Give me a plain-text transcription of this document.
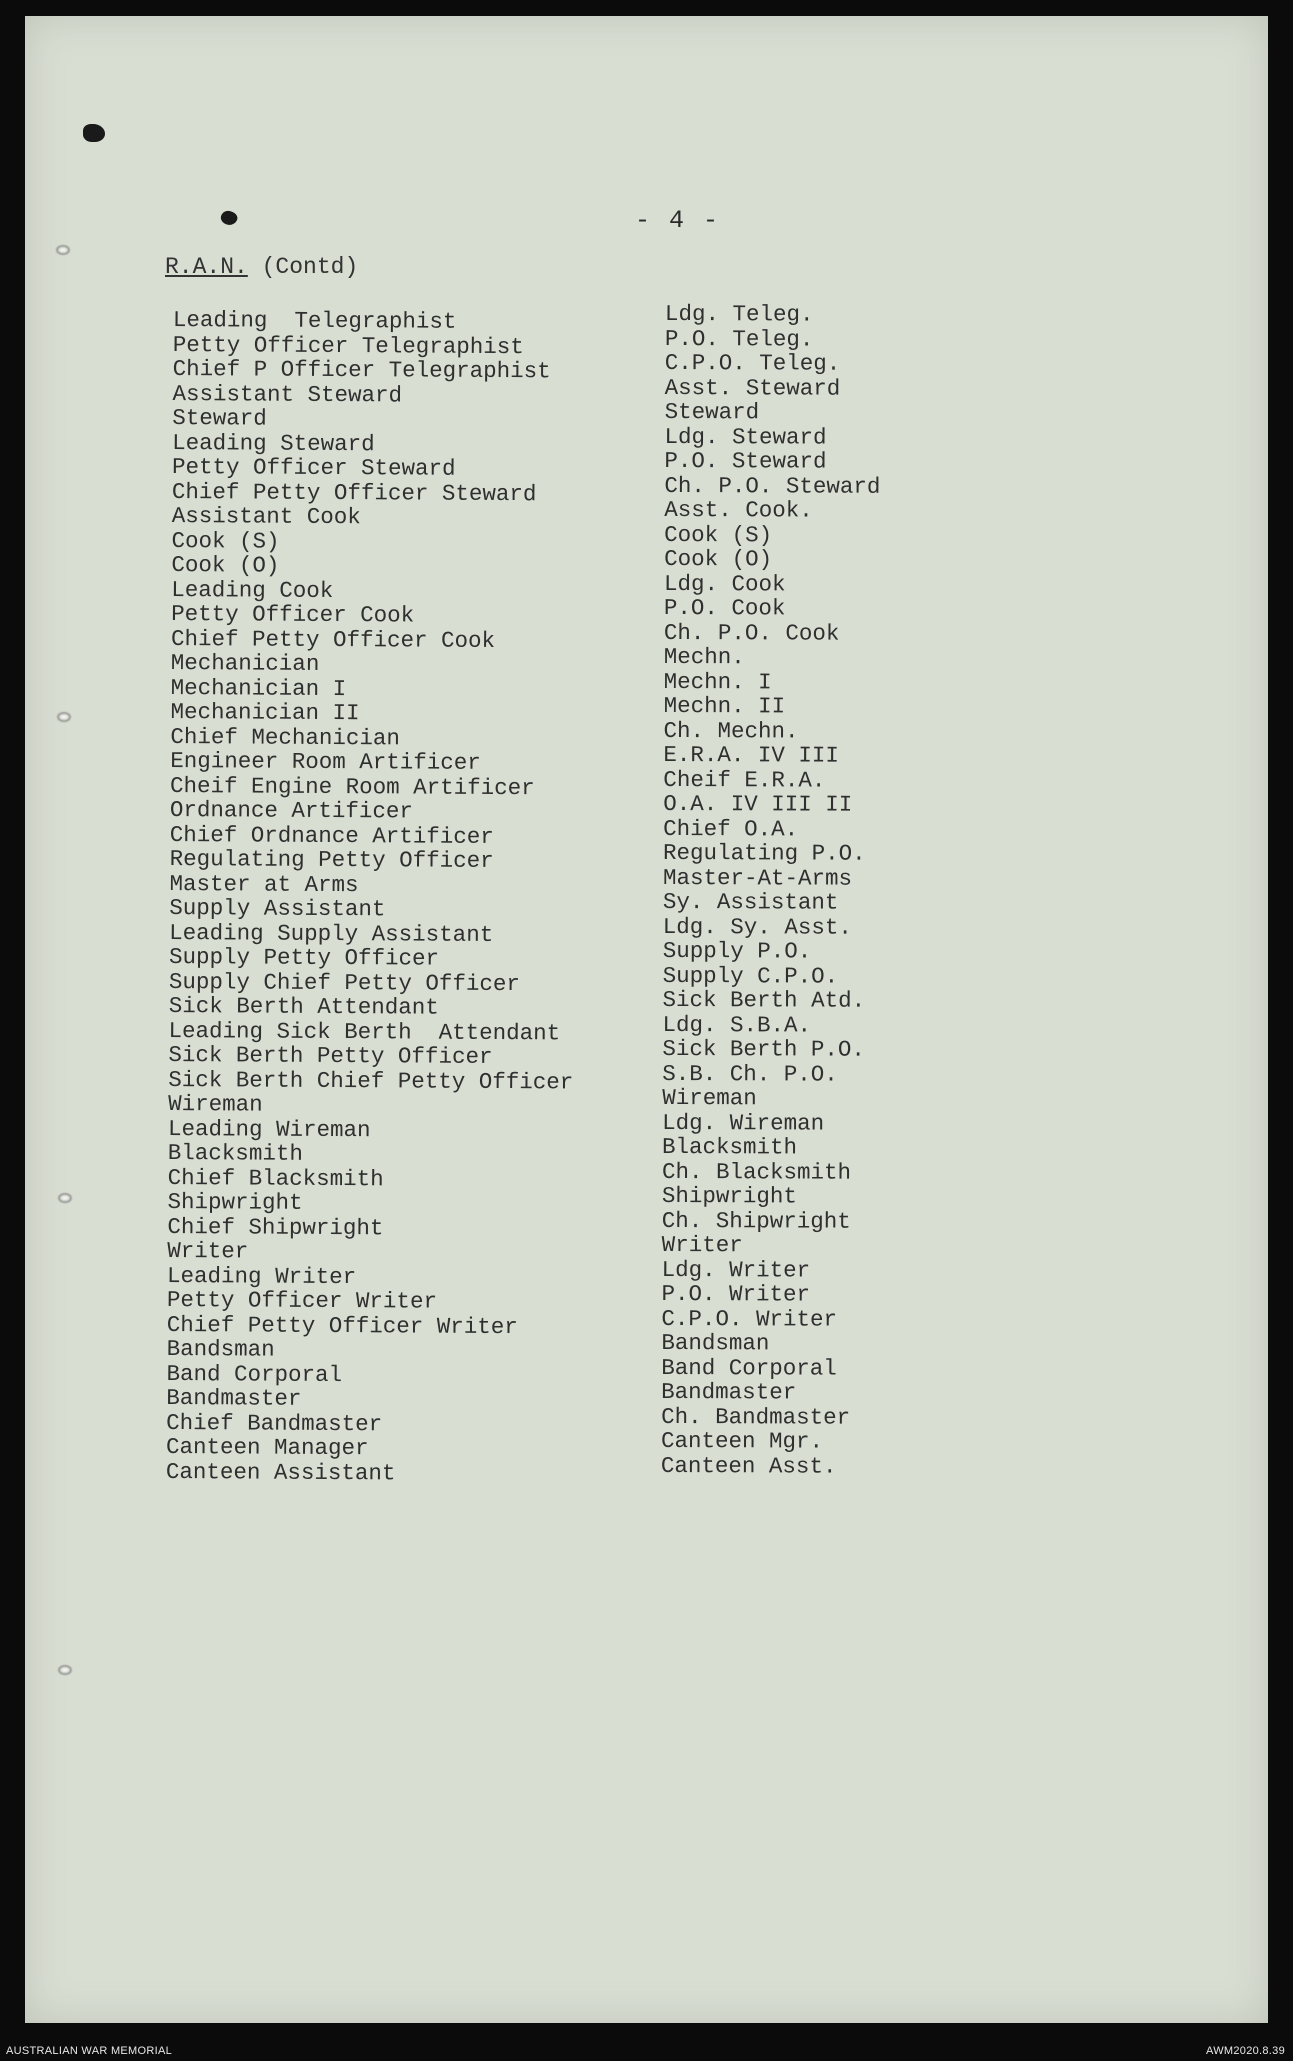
- 4 -
R.A.N. (Contd)
Leading  Telegraphist
Petty Officer Telegraphist
Chief P Officer Telegraphist
Assistant Steward
Steward
Leading Steward
Petty Officer Steward
Chief Petty Officer Steward
Assistant Cook
Cook (S)
Cook (O)
Leading Cook
Petty Officer Cook
Chief Petty Officer Cook
Mechanician
Mechanician I
Mechanician II
Chief Mechanician
Engineer Room Artificer
Cheif Engine Room Artificer
Ordnance Artificer
Chief Ordnance Artificer
Regulating Petty Officer
Master at Arms
Supply Assistant
Leading Supply Assistant
Supply Petty Officer
Supply Chief Petty Officer
Sick Berth Attendant
Leading Sick Berth  Attendant
Sick Berth Petty Officer
Sick Berth Chief Petty Officer
Wireman
Leading Wireman
Blacksmith
Chief Blacksmith
Shipwright
Chief Shipwright
Writer
Leading Writer
Petty Officer Writer
Chief Petty Officer Writer
Bandsman
Band Corporal
Bandmaster
Chief Bandmaster
Canteen Manager
Canteen Assistant
Ldg. Teleg.
P.O. Teleg.
C.P.O. Teleg.
Asst. Steward
Steward
Ldg. Steward
P.O. Steward
Ch. P.O. Steward
Asst. Cook.
Cook (S)
Cook (O)
Ldg. Cook
P.O. Cook
Ch. P.O. Cook
Mechn.
Mechn. I
Mechn. II
Ch. Mechn.
E.R.A. IV III
Cheif E.R.A.
O.A. IV III II
Chief O.A.
Regulating P.O.
Master-At-Arms
Sy. Assistant
Ldg. Sy. Asst.
Supply P.O.
Supply C.P.O.
Sick Berth Atd.
Ldg. S.B.A.
Sick Berth P.O.
S.B. Ch. P.O.
Wireman
Ldg. Wireman
Blacksmith
Ch. Blacksmith
Shipwright
Ch. Shipwright
Writer
Ldg. Writer
P.O. Writer
C.P.O. Writer
Bandsman
Band Corporal
Bandmaster
Ch. Bandmaster
Canteen Mgr.
Canteen Asst.
AUSTRALIAN WAR MEMORIAL	AWM2020.8.39
